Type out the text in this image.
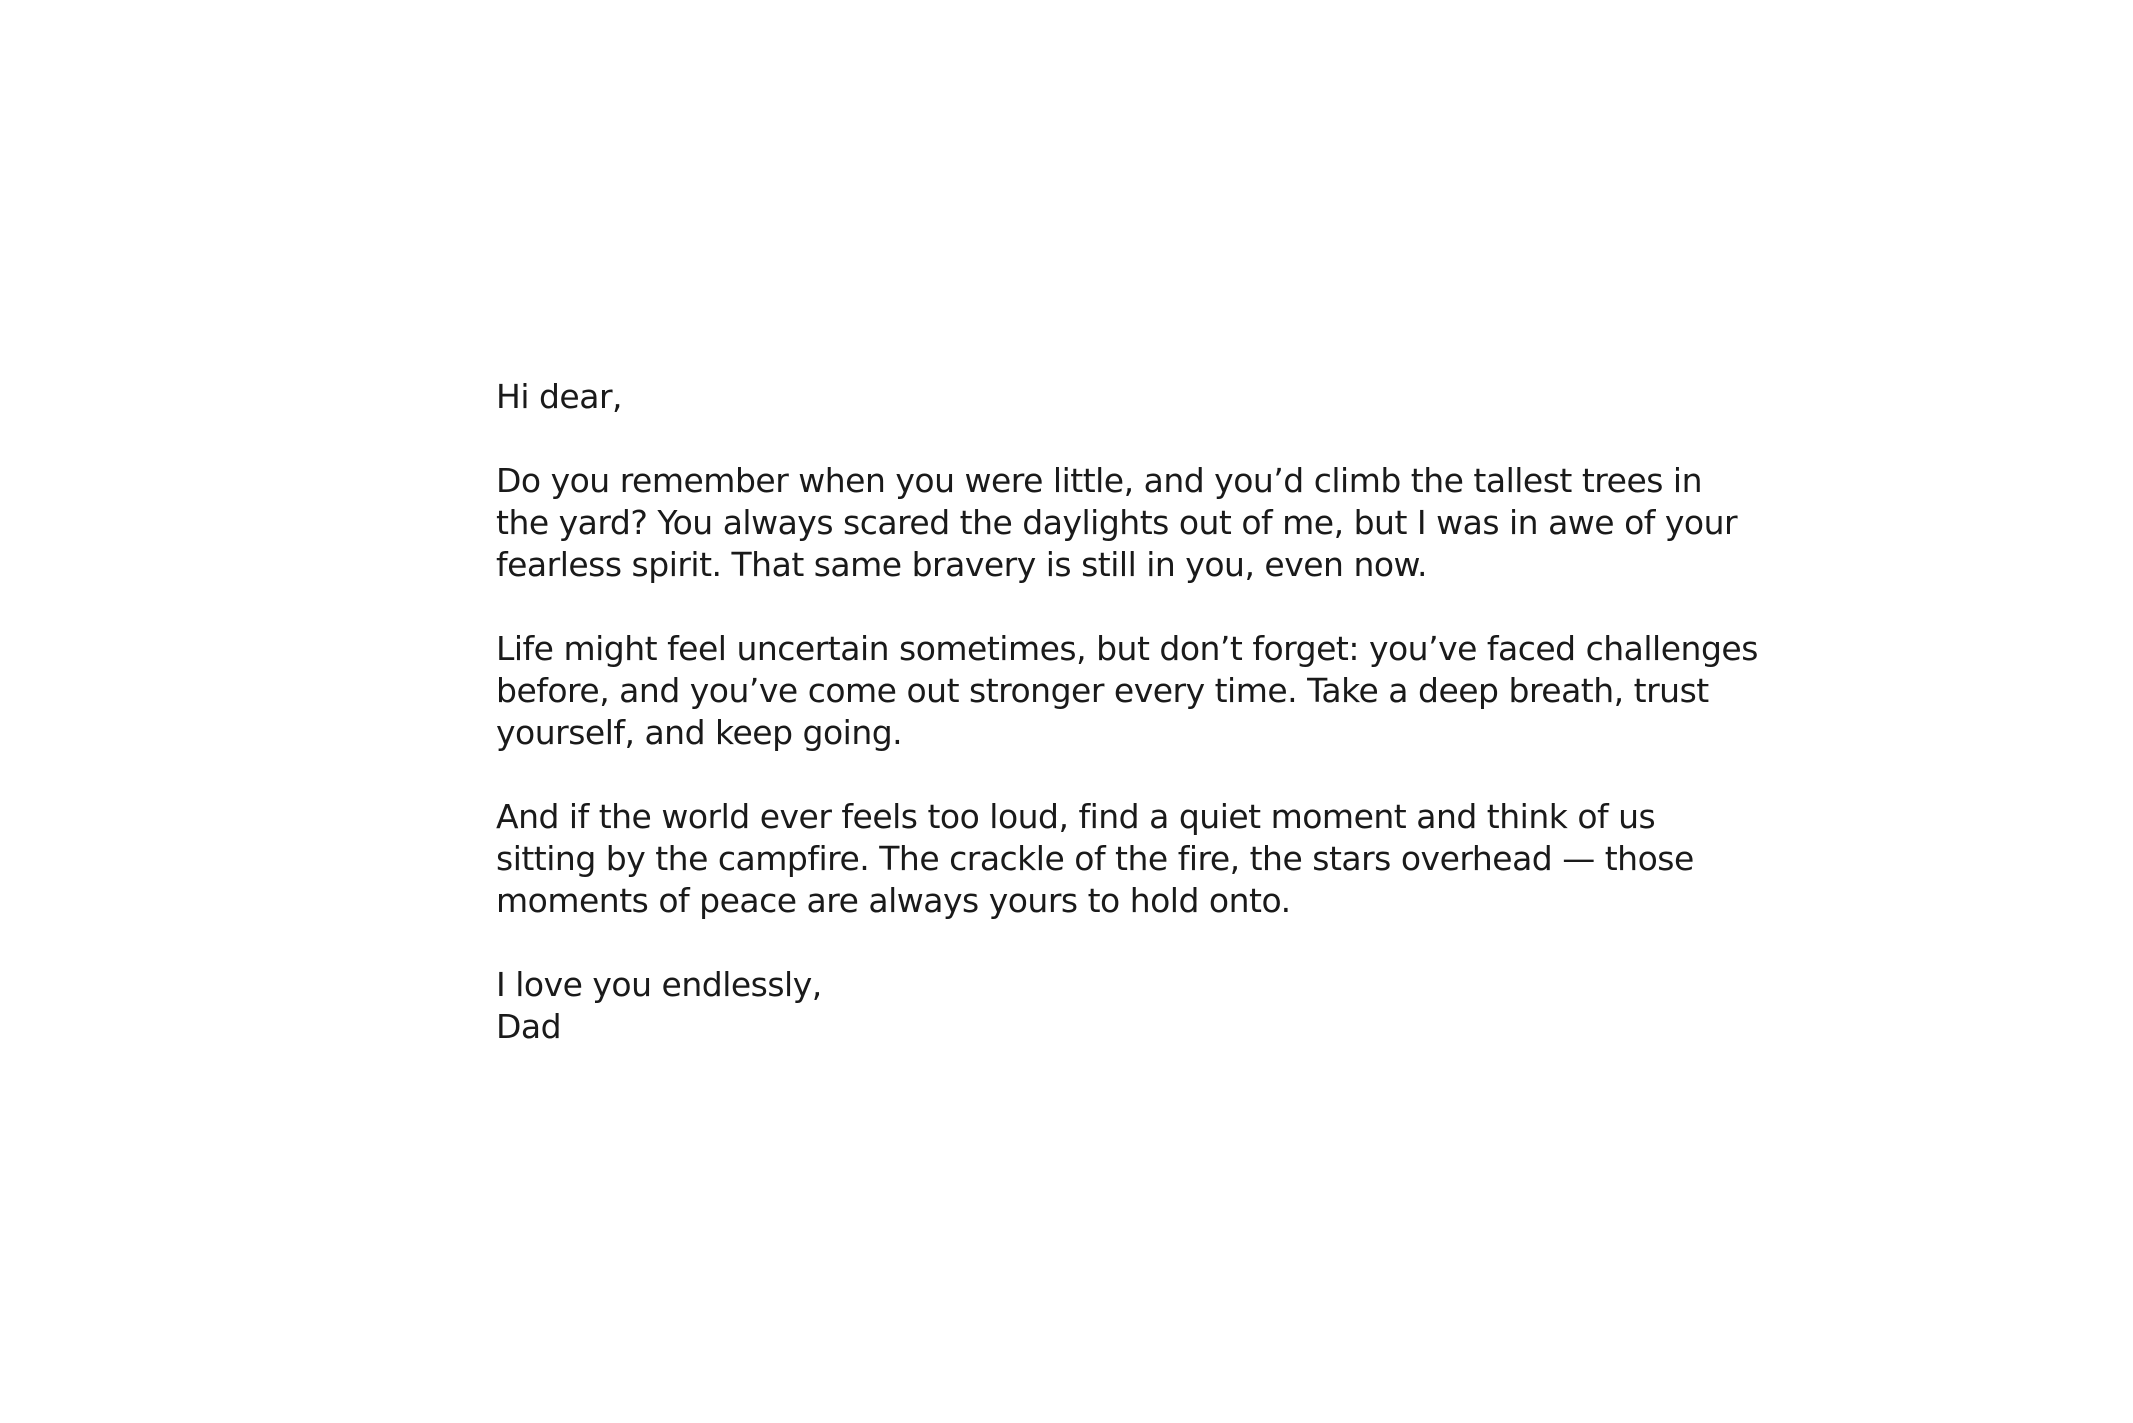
Hi dear,

Do you remember when you were little, and you’d climb the tallest trees in
the yard? You always scared the daylights out of me, but I was in awe of your
fearless spirit. That same bravery is still in you, even now.

Life might feel uncertain sometimes, but don’t forget: you’ve faced challenges
before, and you’ve come out stronger every time. Take a deep breath, trust
yourself, and keep going.

And if the world ever feels too loud, find a quiet moment and think of us
sitting by the campfire. The crackle of the fire, the stars overhead — those
moments of peace are always yours to hold onto.

I love you endlessly,
Dad
